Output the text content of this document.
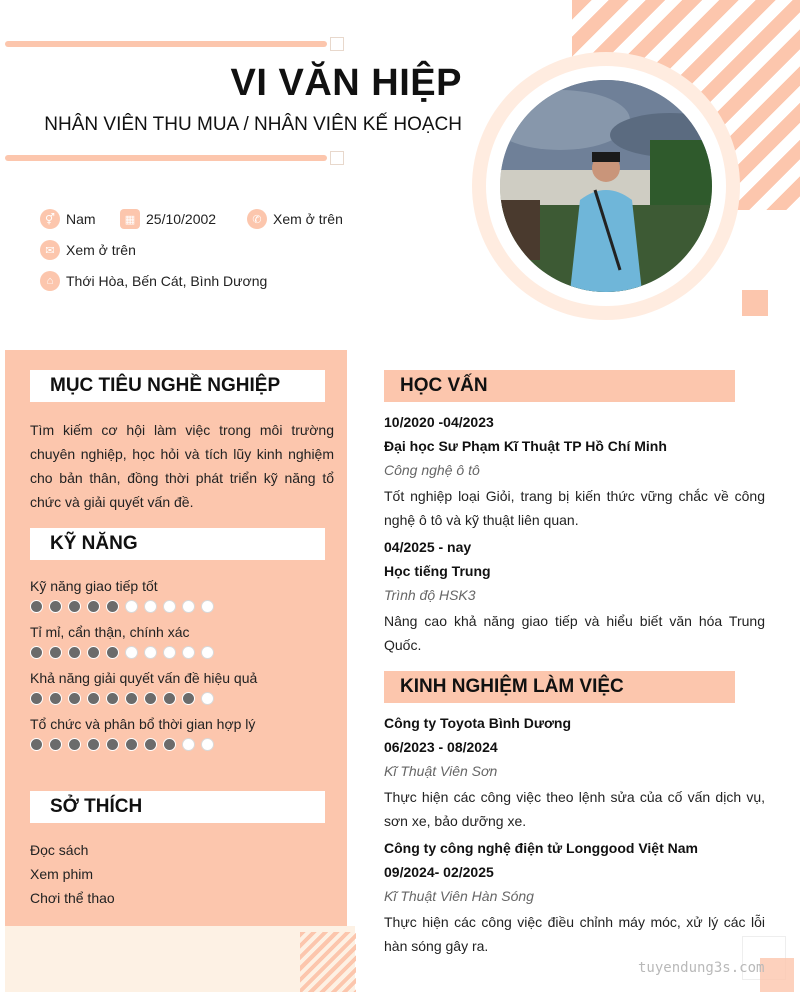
VI VĂN HIỆP
NHÂN VIÊN THU MUA / NHÂN VIÊN KẾ HOẠCH
⚥ Nam	▦ 25/10/2002	✆ Xem ở trên
✉ Xem ở trên
⌂ Thới Hòa, Bến Cát, Bình Dương
MỤC TIÊU NGHỀ NGHIỆP
Tìm kiếm cơ hội làm việc trong môi trường chuyên nghiệp, học hỏi và tích lũy kinh nghiệm cho bản thân, đồng thời phát triển kỹ năng tổ chức và giải quyết vấn đề.
KỸ NĂNG
Kỹ năng giao tiếp tốt
Tỉ mỉ, cẩn thận, chính xác
Khả năng giải quyết vấn đề hiệu quả
Tổ chức và phân bổ thời gian hợp lý
SỞ THÍCH
Đọc sách
Xem phim
Chơi thể thao
HỌC VẤN
10/2020 -04/2023
Đại học Sư Phạm Kĩ Thuật TP Hồ Chí Minh
Công nghệ ô tô
Tốt nghiệp loại Giỏi, trang bị kiến thức vững chắc về công nghệ ô tô và kỹ thuật liên quan.
04/2025 - nay
Học tiếng Trung
Trình độ HSK3
Nâng cao khả năng giao tiếp và hiểu biết văn hóa Trung Quốc.
KINH NGHIỆM LÀM VIỆC
Công ty Toyota Bình Dương
06/2023 - 08/2024
Kĩ Thuật Viên Sơn
Thực hiện các công việc theo lệnh sửa của cố vấn dịch vụ, sơn xe, bảo dưỡng xe.
Công ty công nghệ điện tử Longgood Việt Nam
09/2024- 02/2025
Kĩ Thuật Viên Hàn Sóng
Thực hiện các công việc điều chỉnh máy móc, xử lý các lỗi hàn sóng gây ra.
tuyendung3s.com
